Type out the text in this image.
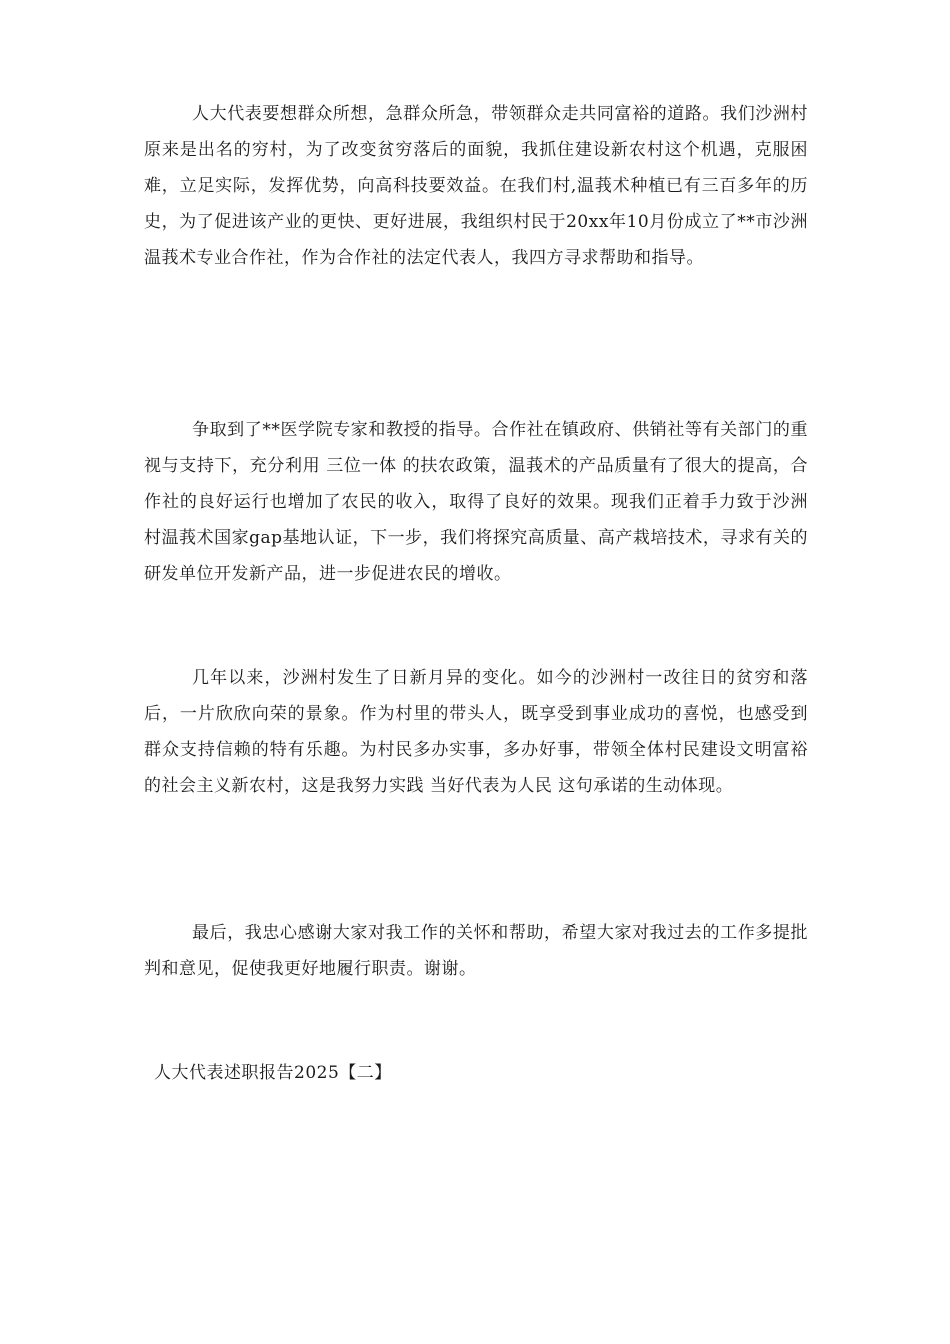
人大代表要想群众所想，急群众所急，带领群众走共同富裕的道路。我们沙洲村原来是出名的穷村，为了改变贫穷落后的面貌，我抓住建设新农村这个机遇，克服困难，立足实际，发挥优势，向高科技要效益。在我们村,温莪术种植已有三百多年的历史，为了促进该产业的更快、更好进展，我组织村民于20xx年10月份成立了**市沙洲温莪术专业合作社，作为合作社的法定代表人，我四方寻求帮助和指导。

争取到了**医学院专家和教授的指导。合作社在镇政府、供销社等有关部门的重视与支持下，充分利用 三位一体 的扶农政策，温莪术的产品质量有了很大的提高，合作社的良好运行也增加了农民的收入，取得了良好的效果。现我们正着手力致于沙洲村温莪术国家gap基地认证，下一步，我们将探究高质量、高产栽培技术，寻求有关的研发单位开发新产品，进一步促进农民的增收。

几年以来，沙洲村发生了日新月异的变化。如今的沙洲村一改往日的贫穷和落后，一片欣欣向荣的景象。作为村里的带头人，既享受到事业成功的喜悦，也感受到群众支持信赖的特有乐趣。为村民多办实事，多办好事，带领全体村民建设文明富裕的社会主义新农村，这是我努力实践 当好代表为人民 这句承诺的生动体现。

最后，我忠心感谢大家对我工作的关怀和帮助，希望大家对我过去的工作多提批判和意见，促使我更好地履行职责。谢谢。

人大代表述职报告2025【二】
